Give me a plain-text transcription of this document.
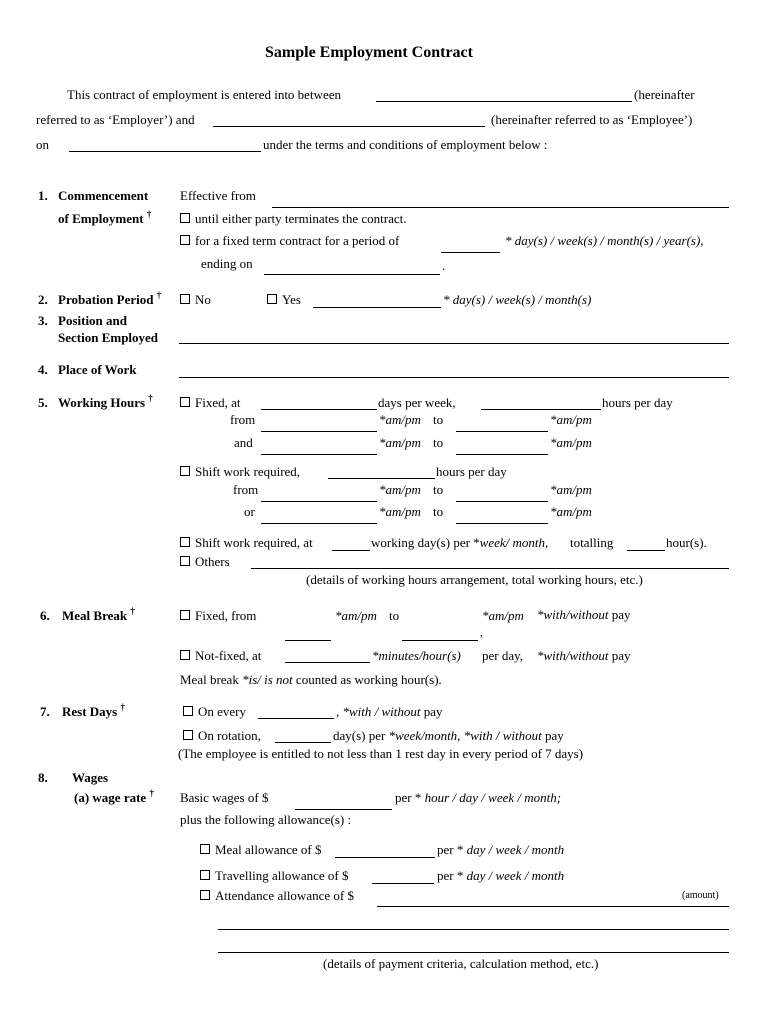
Sample Employment Contract
This contract of employment is entered into between	(hereinafter
referred to as ‘Employer’) and	(hereinafter referred to as ‘Employee’)
on	under the terms and conditions of employment below :
1. Commencement
of Employment †
Effective from
until either party terminates the contract.
for a fixed term contract for a period of	* day(s) / week(s) / month(s) / year(s),
ending on	.
2. Probation Period †	No	Yes	* day(s) / week(s) / month(s)
3. Position and
Section Employed
4. Place of Work
5. Working Hours †	Fixed, at	days per week,	hours per day
from	*am/pm to	*am/pm
and	*am/pm to	*am/pm
Shift work required,	hours per day
from	*am/pm to	*am/pm
or	*am/pm to	*am/pm
Shift work required, at	working day(s) per *week/ month, totalling	hour(s).
Others
(details of working hours arrangement, total working hours, etc.)
6. Meal Break †	Fixed, from	*am/pm to	*am/pm *with/without pay
,
Not-fixed, at	*minutes/hour(s) per day, *with/without pay
Meal break *is/ is not counted as working hour(s).
7. Rest Days †	On every	, *with / without pay
On rotation,	day(s) per *week/month, *with / without pay
(The employee is entitled to not less than 1 rest day in every period of 7 days)
8. Wages
(a) wage rate † Basic wages of $	per * hour / day / week / month;
plus the following allowance(s) :
Meal allowance of $	per * day / week / month
Travelling allowance of $	per * day / week / month
Attendance allowance of $	(amount)
(details of payment criteria, calculation method, etc.)
